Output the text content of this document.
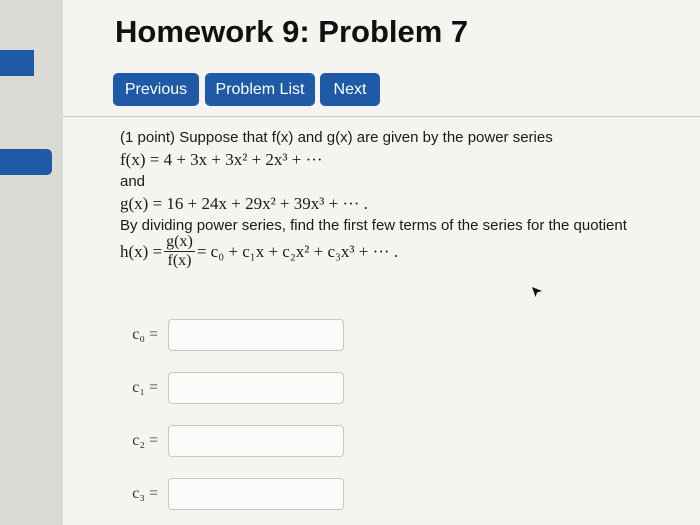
Homework 9: Problem 7
Previous	Problem List	Next
(1 point) Suppose that f(x) and g(x) are given by the power series
f(x) = 4 + 3x + 3x² + 2x³ + ···
and
g(x) = 16 + 24x + 29x² + 39x³ + ··· .
By dividing power series, find the first few terms of the series for the quotient
$h(x) = \frac{g(x)}{f(x)} = c_0 + c_1x + c_2x^2 + c_3x^3$ + ··· .
c₀ =
c₁ =
c₂ =
c₃ =
